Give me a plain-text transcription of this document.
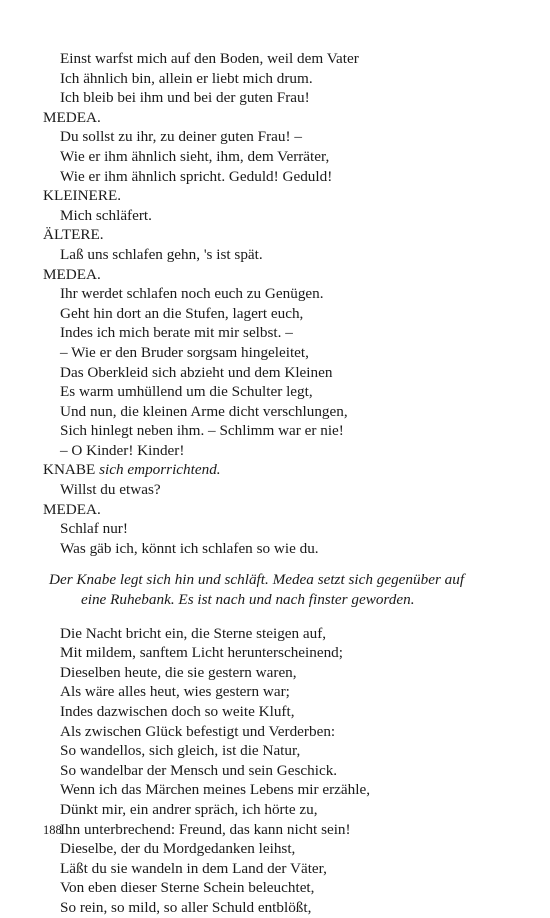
Einst warfst mich auf den Boden, weil dem Vater
Ich ähnlich bin, allein er liebt mich drum.
Ich bleib bei ihm und bei der guten Frau!
MEDEA.
Du sollst zu ihr, zu deiner guten Frau! –
Wie er ihm ähnlich sieht, ihm, dem Verräter,
Wie er ihm ähnlich spricht. Geduld! Geduld!
KLEINERE.
Mich schläfert.
ÄLTERE.
Laß uns schlafen gehn, 's ist spät.
MEDEA.
Ihr werdet schlafen noch euch zu Genügen.
Geht hin dort an die Stufen, lagert euch,
Indes ich mich berate mit mir selbst. –
– Wie er den Bruder sorgsam hingeleitet,
Das Oberkleid sich abzieht und dem Kleinen
Es warm umhüllend um die Schulter legt,
Und nun, die kleinen Arme dicht verschlungen,
Sich hinlegt neben ihm. – Schlimm war er nie!
– O Kinder! Kinder!
KNABE sich emporrichtend.
Willst du etwas?
MEDEA.
Schlaf nur!
Was gäb ich, könnt ich schlafen so wie du.
Der Knabe legt sich hin und schläft. Medea setzt sich gegenüber auf
eine Ruhebank. Es ist nach und nach finster geworden.
Die Nacht bricht ein, die Sterne steigen auf,
Mit mildem, sanftem Licht herunterscheinend;
Dieselben heute, die sie gestern waren,
Als wäre alles heut, wies gestern war;
Indes dazwischen doch so weite Kluft,
Als zwischen Glück befestigt und Verderben:
So wandellos, sich gleich, ist die Natur,
So wandelbar der Mensch und sein Geschick.
Wenn ich das Märchen meines Lebens mir erzähle,
Dünkt mir, ein andrer spräch, ich hörte zu,
Ihn unterbrechend: Freund, das kann nicht sein!
Dieselbe, der du Mordgedanken leihst,
Läßt du sie wandeln in dem Land der Väter,
Von eben dieser Sterne Schein beleuchtet,
So rein, so mild, so aller Schuld entblößt,
188
